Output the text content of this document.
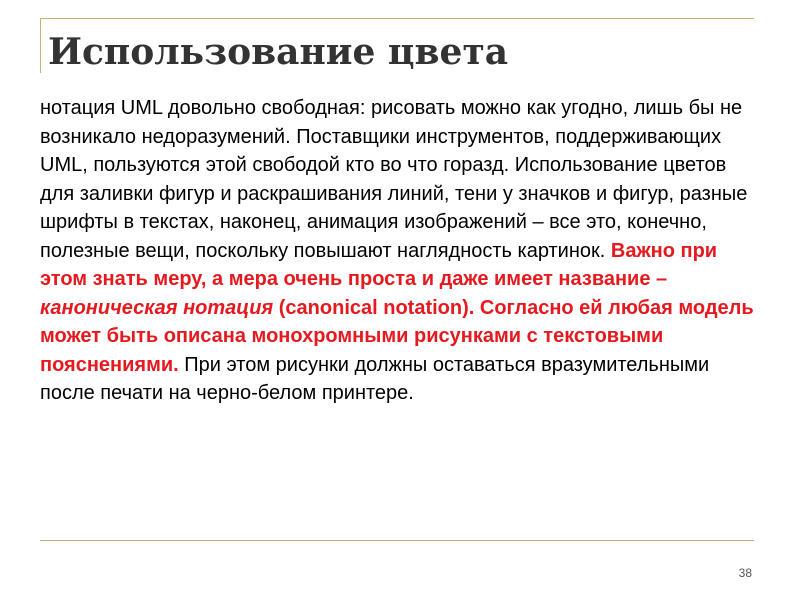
Использование цвета

нотация UML довольно свободная: рисовать можно как угодно, лишь бы не возникало недоразумений. Поставщики инструментов, поддерживающих UML, пользуются этой свободой кто во что горазд. Использование цветов для заливки фигур и раскрашивания линий, тени у значков и фигур, разные шрифты в текстах, наконец, анимация изображений – все это, конечно, полезные вещи, поскольку повышают наглядность картинок. Важно при этом знать меру, а мера очень проста и даже имеет название – каноническая нотация (canonical notation). Согласно ей любая модель может быть описана монохромными рисунками с текстовыми пояснениями. При этом рисунки должны оставаться вразумительными после печати на черно-белом принтере.

38
